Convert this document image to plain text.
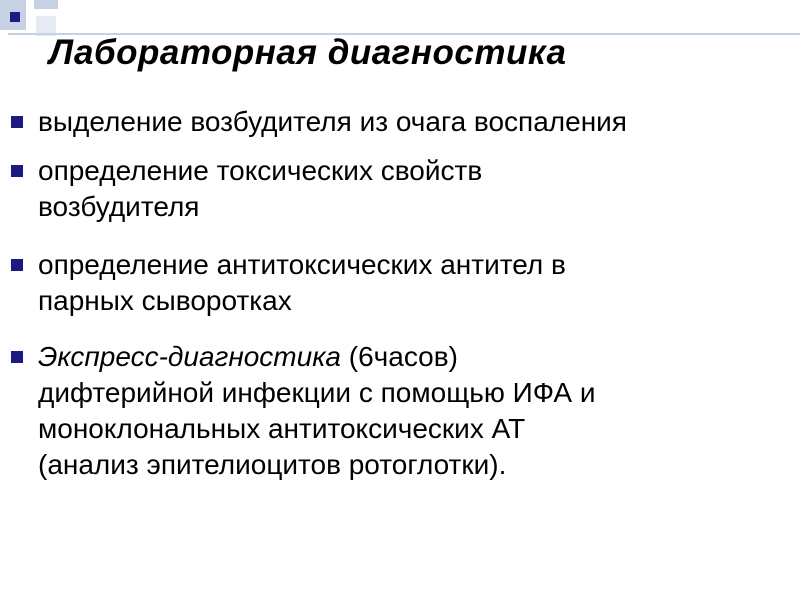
Лабораторная диагностика
выделение возбудителя из очага воспаления
определение токсических свойств
возбудителя
определение антитоксических антител в
парных сыворотках
Экспресс-диагностика (6часов)
дифтерийной инфекции с помощью ИФА и
моноклональных антитоксических АТ
(анализ эпителиоцитов ротоглотки).
